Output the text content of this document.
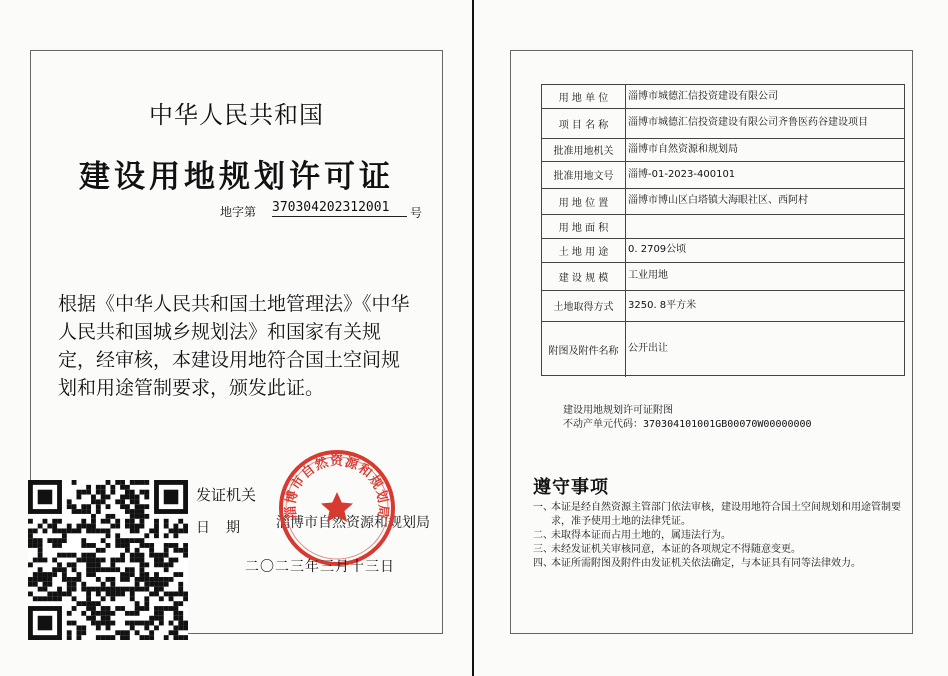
中华人民共和国
建设用地规划许可证
地字第 370304202312001	号
根据《中华人民共和国土地管理法》《中华人民共和国城乡规划法》和国家有关规定，经审核，本建设用地符合国土空间规划和用途管制要求，颁发此证。
发证机关
日期 淄博市自然资源和规划局
淄博市自然资源和规划局
二〇二三年三月十三日
用 地 单 位	淄博市城德汇信投资建设有限公司
项 目 名 称	淄博市城德汇信投资建设有限公司齐鲁医药谷建设项目
批准用地机关	淄博市自然资源和规划局
批准用地文号	淄博-01-2023-400101
用 地 位 置	淄博市博山区白塔镇大海眼社区、西阿村
用 地 面 积
土 地 用 途	0. 2709公顷
建 设 规 模	工业用地
土地取得方式	3250. 8平方米
附图及附件名称 公开出让
建设用地规划许可证附图
不动产单元代码：370304101001GB00070W00000000
遵守事项
一、
本证是经自然资源主管部门依法审核，建设用地符合国土空间规划和用途管制要求，准予使用土地的法律凭证。
二、
未取得本证而占用土地的，属违法行为。
三、
未经发证机关审核同意，本证的各项规定不得随意变更。
四、
本证所需附图及附件由发证机关依法确定，与本证具有同等法律效力。
